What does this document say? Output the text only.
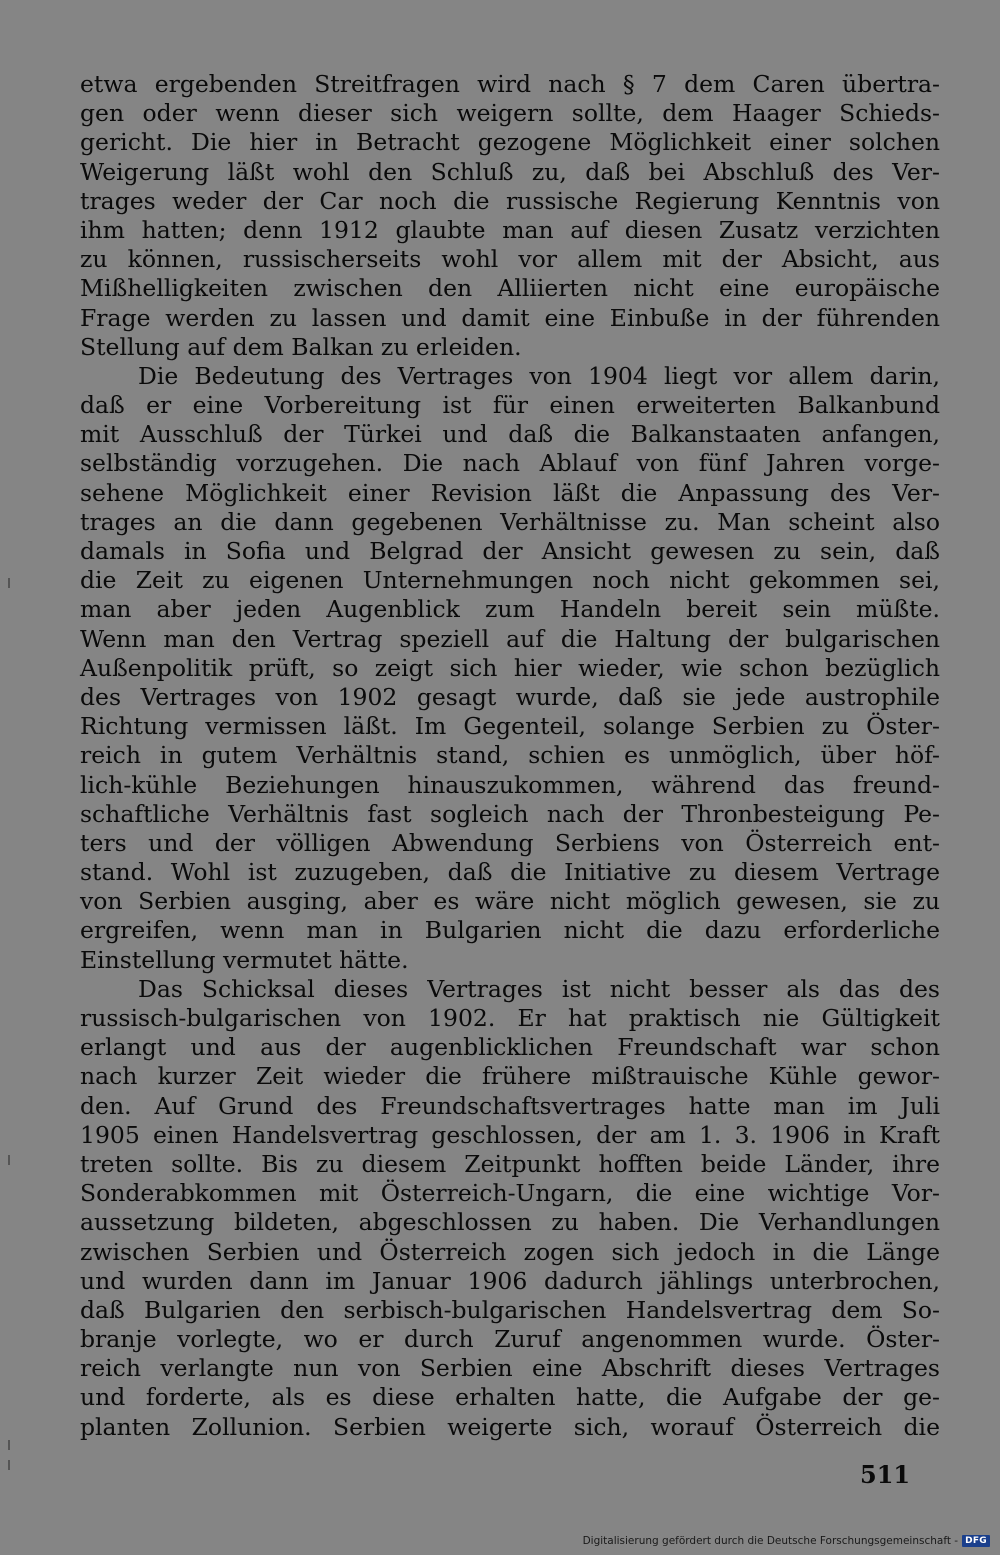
etwa ergebenden Streitfragen wird nach § 7 dem Caren übertra-
gen oder wenn dieser sich weigern sollte, dem Haager Schieds-
gericht. Die hier in Betracht gezogene Möglichkeit einer solchen
Weigerung läßt wohl den Schluß zu, daß bei Abschluß des Ver-
trages weder der Car noch die russische Regierung Kenntnis von
ihm hatten; denn 1912 glaubte man auf diesen Zusatz verzichten
zu können, russischerseits wohl vor allem mit der Absicht, aus
Mißhelligkeiten zwischen den Alliierten nicht eine europäische
Frage werden zu lassen und damit eine Einbuße in der führenden
Stellung auf dem Balkan zu erleiden.
Die Bedeutung des Vertrages von 1904 liegt vor allem darin,
daß er eine Vorbereitung ist für einen erweiterten Balkanbund
mit Ausschluß der Türkei und daß die Balkanstaaten anfangen,
selbständig vorzugehen. Die nach Ablauf von fünf Jahren vorge-
sehene Möglichkeit einer Revision läßt die Anpassung des Ver-
trages an die dann gegebenen Verhältnisse zu. Man scheint also
damals in Sofia und Belgrad der Ansicht gewesen zu sein, daß
die Zeit zu eigenen Unternehmungen noch nicht gekommen sei,
man aber jeden Augenblick zum Handeln bereit sein müßte.
Wenn man den Vertrag speziell auf die Haltung der bulgarischen
Außenpolitik prüft, so zeigt sich hier wieder, wie schon bezüglich
des Vertrages von 1902 gesagt wurde, daß sie jede austrophile
Richtung vermissen läßt. Im Gegenteil, solange Serbien zu Öster-
reich in gutem Verhältnis stand, schien es unmöglich, über höf-
lich-kühle Beziehungen hinauszukommen, während das freund-
schaftliche Verhältnis fast sogleich nach der Thronbesteigung Pe-
ters und der völligen Abwendung Serbiens von Österreich ent-
stand. Wohl ist zuzugeben, daß die Initiative zu diesem Vertrage
von Serbien ausging, aber es wäre nicht möglich gewesen, sie zu
ergreifen, wenn man in Bulgarien nicht die dazu erforderliche
Einstellung vermutet hätte.
Das Schicksal dieses Vertrages ist nicht besser als das des
russisch-bulgarischen von 1902. Er hat praktisch nie Gültigkeit
erlangt und aus der augenblicklichen Freundschaft war schon
nach kurzer Zeit wieder die frühere mißtrauische Kühle gewor-
den. Auf Grund des Freundschaftsvertrages hatte man im Juli
1905 einen Handelsvertrag geschlossen, der am 1. 3. 1906 in Kraft
treten sollte. Bis zu diesem Zeitpunkt hofften beide Länder, ihre
Sonderabkommen mit Österreich-Ungarn, die eine wichtige Vor-
aussetzung bildeten, abgeschlossen zu haben. Die Verhandlungen
zwischen Serbien und Österreich zogen sich jedoch in die Länge
und wurden dann im Januar 1906 dadurch jählings unterbrochen,
daß Bulgarien den serbisch-bulgarischen Handelsvertrag dem So-
branje vorlegte, wo er durch Zuruf angenommen wurde. Öster-
reich verlangte nun von Serbien eine Abschrift dieses Vertrages
und forderte, als es diese erhalten hatte, die Aufgabe der ge-
planten Zollunion. Serbien weigerte sich, worauf Österreich die
511
Digitalisierung gefördert durch die Deutsche Forschungsgemeinschaft - DFG
